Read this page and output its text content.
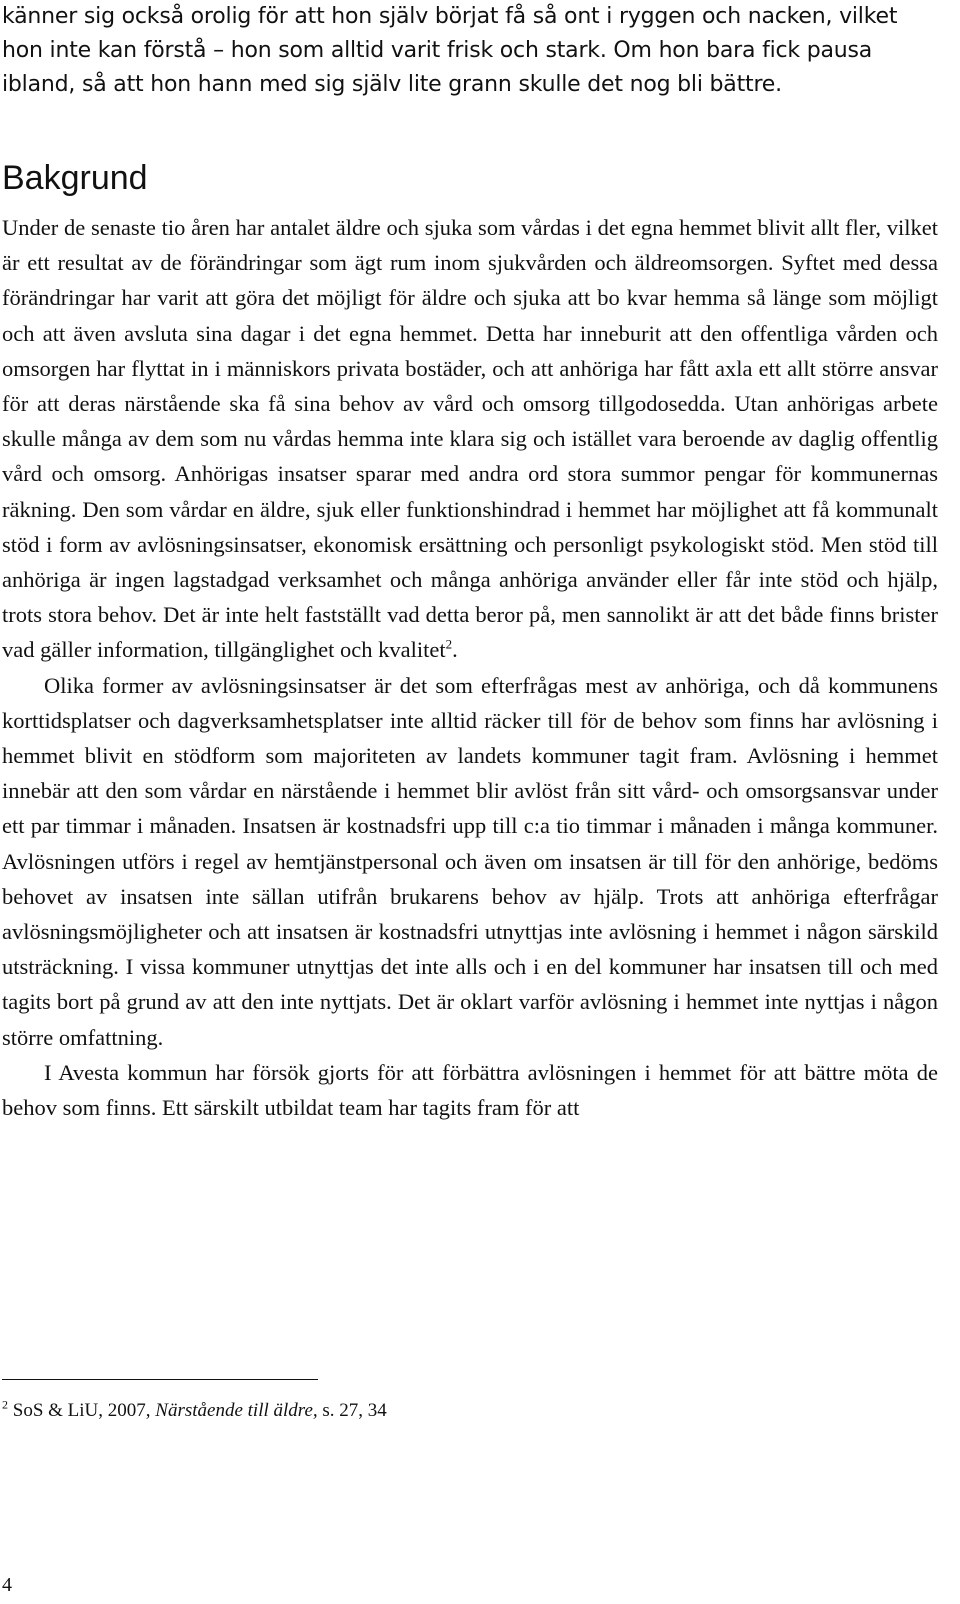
känner sig också orolig för att hon själv börjat få så ont i ryggen och nacken, vilket hon inte kan förstå – hon som alltid varit frisk och stark. Om hon bara fick pausa ibland, så att hon hann med sig själv lite grann skulle det nog bli bättre.

Bakgrund

Under de senaste tio åren har antalet äldre och sjuka som vårdas i det egna hemmet blivit allt fler, vilket är ett resultat av de förändringar som ägt rum inom sjukvården och äldreomsorgen. Syftet med dessa förändringar har varit att göra det möjligt för äldre och sjuka att bo kvar hemma så länge som möjligt och att även avsluta sina dagar i det egna hemmet. Detta har inneburit att den offentliga vården och omsorgen har flyttat in i människors privata bostäder, och att anhöriga har fått axla ett allt större ansvar för att deras närstående ska få sina behov av vård och omsorg tillgodosedda. Utan anhörigas arbete skulle många av dem som nu vårdas hemma inte klara sig och istället vara beroende av daglig offentlig vård och omsorg. Anhörigas insatser sparar med andra ord stora summor pengar för kommunernas räkning. Den som vårdar en äldre, sjuk eller funktionshindrad i hemmet har möjlighet att få kommunalt stöd i form av avlösningsinsatser, ekonomisk ersättning och personligt psykologiskt stöd. Men stöd till anhöriga är ingen lagstadgad verksamhet och många anhöriga använder eller får inte stöd och hjälp, trots stora behov. Det är inte helt fastställt vad detta beror på, men sannolikt är att det både finns brister vad gäller information, tillgänglighet och kvalitet$^2$.

Olika former av avlösningsinsatser är det som efterfrågas mest av anhöriga, och då kommunens korttidsplatser och dagverksamhetsplatser inte alltid räcker till för de behov som finns har avlösning i hemmet blivit en stödform som majoriteten av landets kommuner tagit fram. Avlösning i hemmet innebär att den som vårdar en närstående i hemmet blir avlöst från sitt vård- och omsorgsansvar under ett par timmar i månaden. Insatsen är kostnadsfri upp till c:a tio timmar i månaden i många kommuner. Avlösningen utförs i regel av hemtjänstpersonal och även om insatsen är till för den anhörige, bedöms behovet av insatsen inte sällan utifrån brukarens behov av hjälp. Trots att anhöriga efterfrågar avlösningsmöjligheter och att insatsen är kostnadsfri utnyttjas inte avlösning i hemmet i någon särskild utsträckning. I vissa kommuner utnyttjas det inte alls och i en del kommuner har insatsen till och med tagits bort på grund av att den inte nyttjats. Det är oklart varför avlösning i hemmet inte nyttjas i någon större omfattning.

I Avesta kommun har försök gjorts för att förbättra avlösningen i hemmet för att bättre möta de behov som finns. Ett särskilt utbildat team har tagits fram för att

$^2$ SoS & LiU, 2007, Närstående till äldre, s. 27, 34

4
